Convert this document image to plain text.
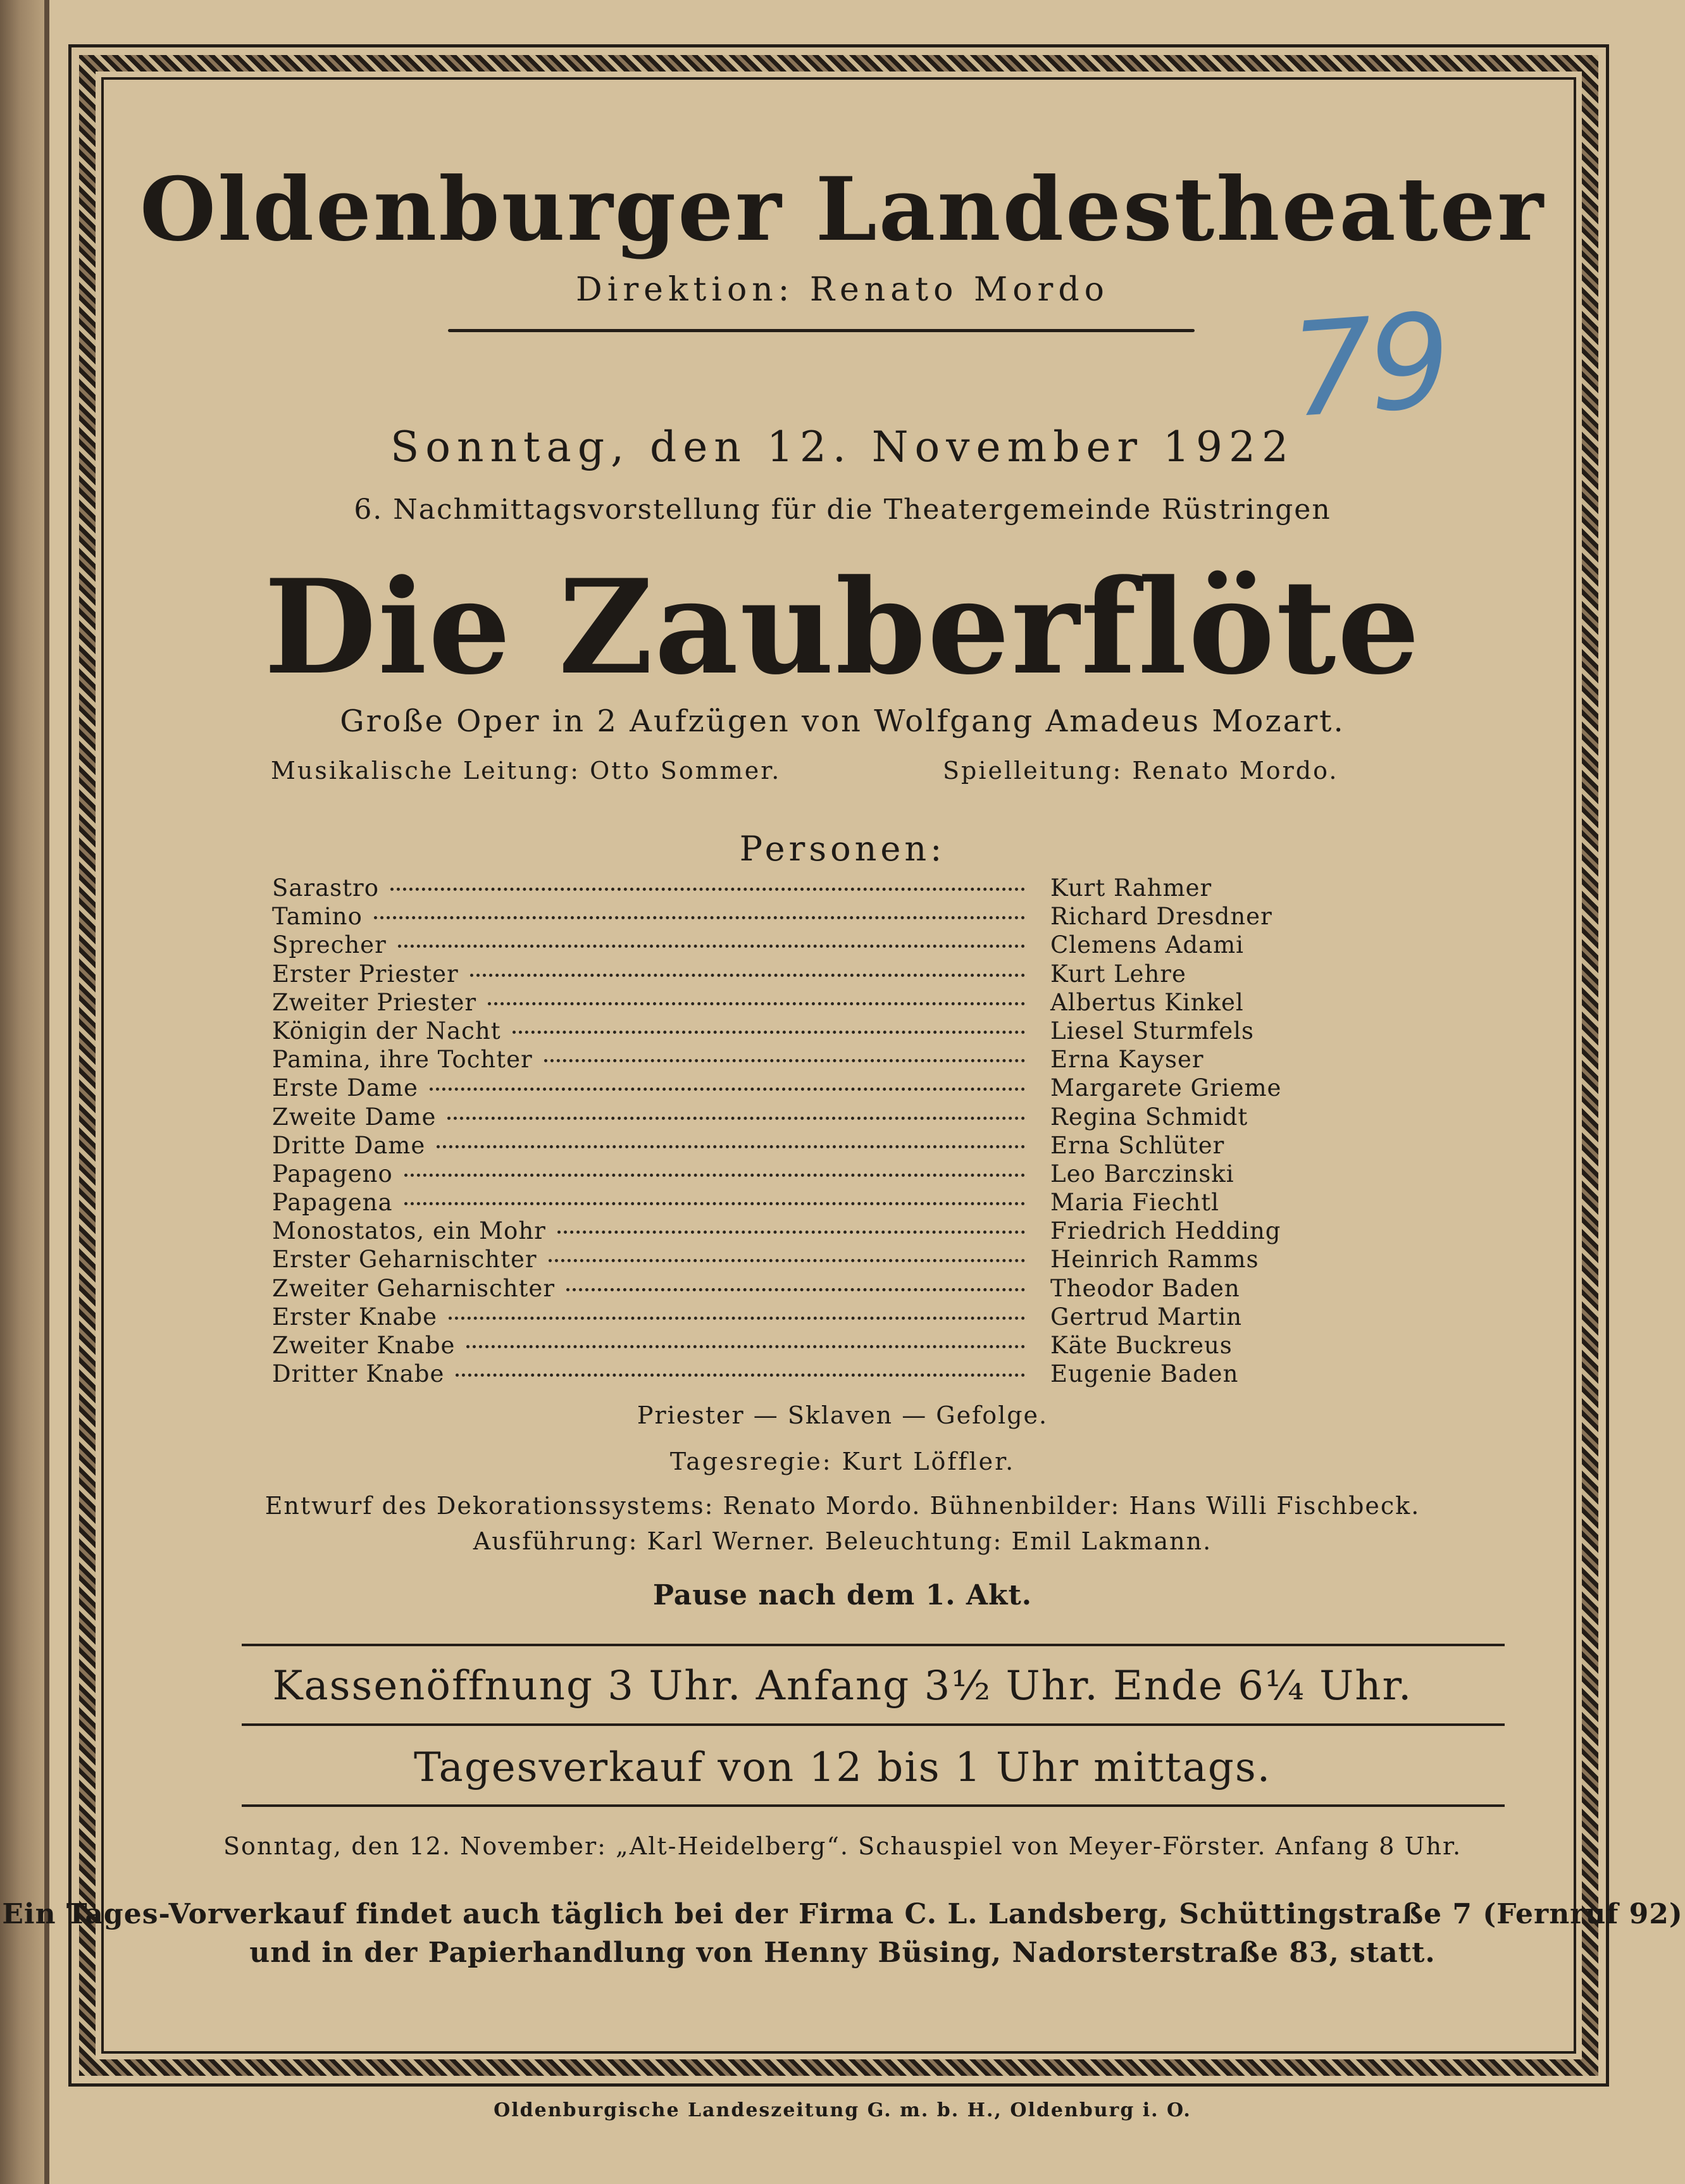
Oldenburger Landestheater
Direktion: Renato Mordo	79
Sonntag, den 12. November 1922
6. Nachmittagsvorstellung für die Theatergemeinde Rüstringen
Die Zauberflöte
Große Oper in 2 Aufzügen von Wolfgang Amadeus Mozart.
Musikalische Leitung: Otto Sommer.	Spielleitung: Renato Mordo.
Personen:
Sarastro	Kurt Rahmer
Tamino	Richard Dresdner
Sprecher	Clemens Adami
Erster Priester	Kurt Lehre
Zweiter Priester	Albertus Kinkel
Königin der Nacht	Liesel Sturmfels
Pamina, ihre Tochter	Erna Kayser
Erste Dame	Margarete Grieme
Zweite Dame	Regina Schmidt
Dritte Dame	Erna Schlüter
Papageno	Leo Barczinski
Papagena	Maria Fiechtl
Monostatos, ein Mohr	Friedrich Hedding
Erster Geharnischter	Heinrich Ramms
Zweiter Geharnischter	Theodor Baden
Erster Knabe	Gertrud Martin
Zweiter Knabe	Käte Buckreus
Dritter Knabe	Eugenie Baden
Priester — Sklaven — Gefolge.
Tagesregie: Kurt Löffler.
Entwurf des Dekorationssystems: Renato Mordo. Bühnenbilder: Hans Willi Fischbeck.
Ausführung: Karl Werner. Beleuchtung: Emil Lakmann.
Pause nach dem 1. Akt.
Kassenöffnung 3 Uhr. Anfang 3½ Uhr. Ende 6¼ Uhr.
Tagesverkauf von 12 bis 1 Uhr mittags.
Sonntag, den 12. November: „Alt-Heidelberg“. Schauspiel von Meyer-Förster. Anfang 8 Uhr.
Ein Tages-Vorverkauf findet auch täglich bei der Firma C. L. Landsberg, Schüttingstraße 7 (Fernruf 92)
und in der Papierhandlung von Henny Büsing, Nadorsterstraße 83, statt.
Oldenburgische Landeszeitung G. m. b. H., Oldenburg i. O.
